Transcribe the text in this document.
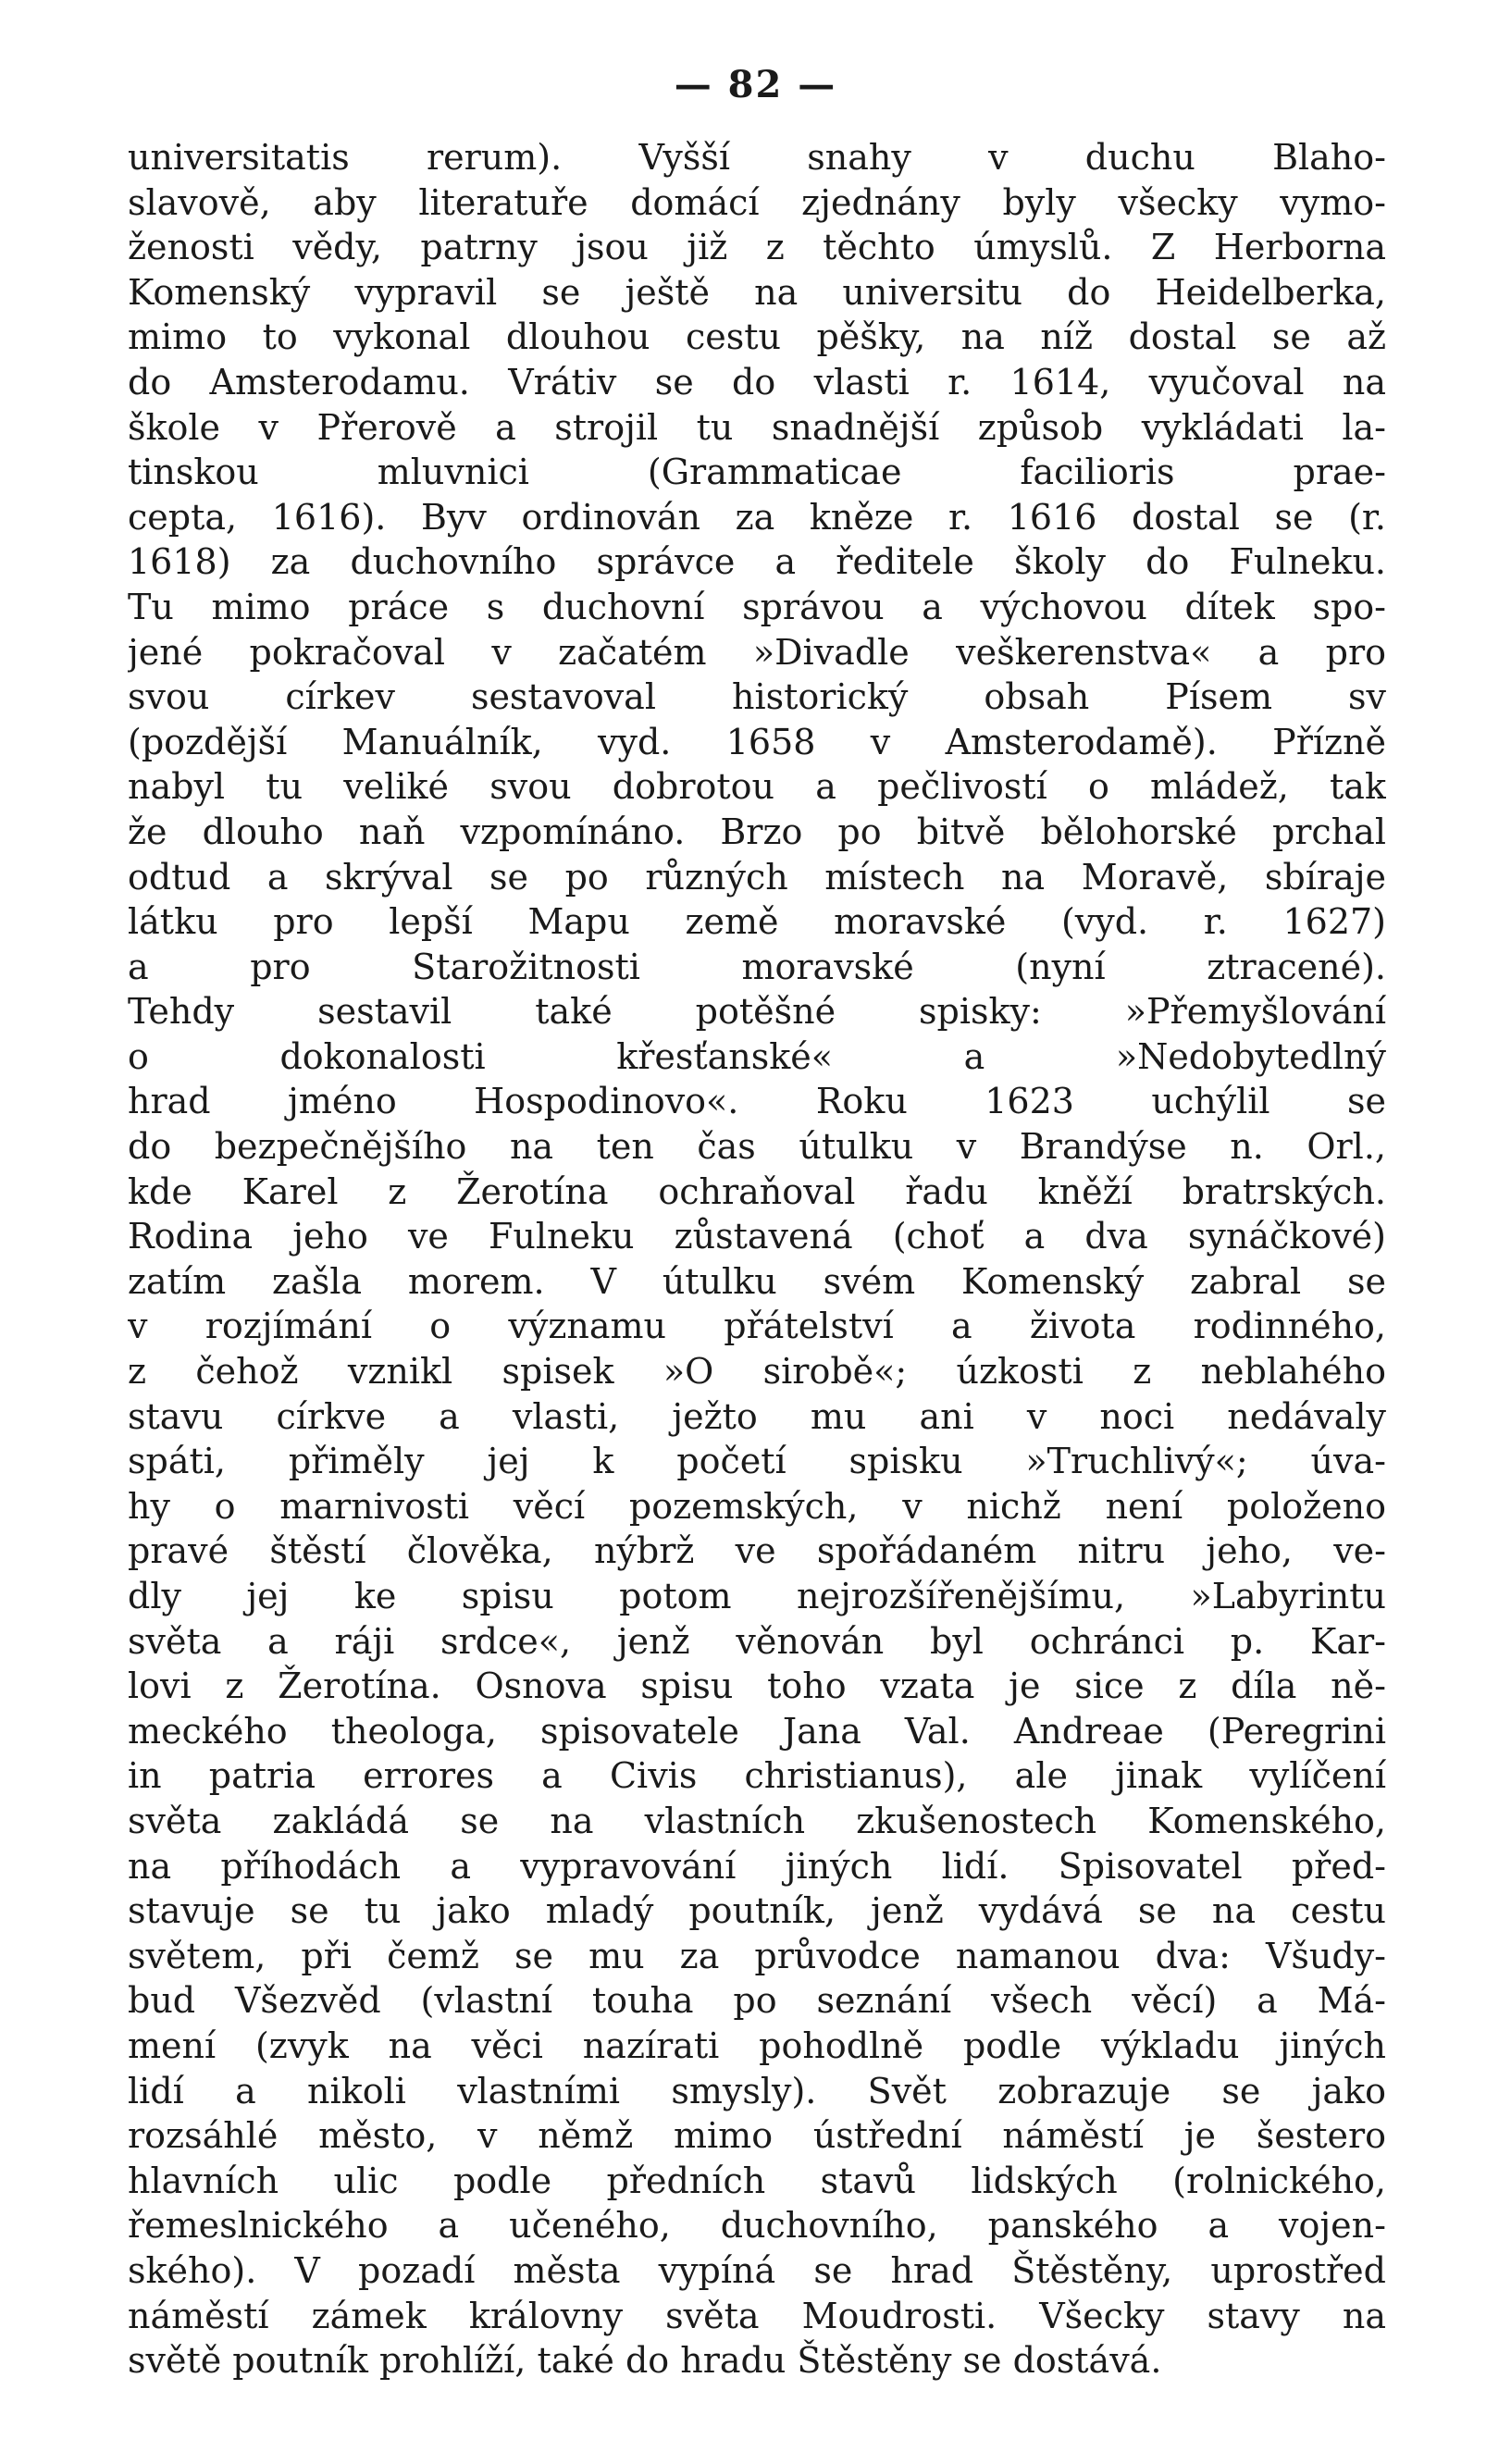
— 82 —
universitatis rerum). Vyšší snahy v duchu Blaho-
slavově, aby literatuře domácí zjednány byly všecky vymo-
ženosti vědy, patrny jsou již z těchto úmyslů. Z Herborna
Komenský vypravil se ještě na universitu do Heidelberka,
mimo to vykonal dlouhou cestu pěšky, na níž dostal se až
do Amsterodamu. Vrátiv se do vlasti r. 1614, vyučoval na
škole v Přerově a strojil tu snadnější způsob vykládati la-
tinskou mluvnici (Grammaticae facilioris prae-
cepta, 1616). Byv ordinován za kněze r. 1616 dostal se (r.
1618) za duchovního správce a ředitele školy do Fulneku.
Tu mimo práce s duchovní správou a výchovou dítek spo-
jené pokračoval v začatém »Divadle veškerenstva« a pro
svou církev sestavoval historický obsah Písem sv
(pozdější Manuálník, vyd. 1658 v Amsterodamě). Přízně
nabyl tu veliké svou dobrotou a pečlivostí o mládež, tak
že dlouho naň vzpomínáno. Brzo po bitvě bělohorské prchal
odtud a skrýval se po různých místech na Moravě, sbíraje
látku pro lepší Mapu země moravské (vyd. r. 1627)
a pro Starožitnosti moravské (nyní ztracené).
Tehdy sestavil také potěšné spisky: »Přemyšlování
o dokonalosti křesťanské« a »Nedobytedlný
hrad jméno Hospodinovo«. Roku 1623 uchýlil se
do bezpečnějšího na ten čas útulku v Brandýse n. Orl.,
kde Karel z Žerotína ochraňoval řadu kněží bratrských.
Rodina jeho ve Fulneku zůstavená (choť a dva synáčkové)
zatím zašla morem. V útulku svém Komenský zabral se
v rozjímání o významu přátelství a života rodinného,
z čehož vznikl spisek »O sirobě«; úzkosti z neblahého
stavu církve a vlasti, ježto mu ani v noci nedávaly
spáti, přiměly jej k početí spisku »Truchlivý«; úva-
hy o marnivosti věcí pozemských, v nichž není položeno
pravé štěstí člověka, nýbrž ve spořádaném nitru jeho, ve-
dly jej ke spisu potom nejrozšířenějšímu, »Labyrintu
světa a ráji srdce«, jenž věnován byl ochránci p. Kar-
lovi z Žerotína. Osnova spisu toho vzata je sice z díla ně-
meckého theologa, spisovatele Jana Val. Andreae (Peregrini
in patria errores a Civis christianus), ale jinak vylíčení
světa zakládá se na vlastních zkušenostech Komenského,
na příhodách a vypravování jiných lidí. Spisovatel před-
stavuje se tu jako mladý poutník, jenž vydává se na cestu
světem, při čemž se mu za průvodce namanou dva: Všudy-
bud Všezvěd (vlastní touha po seznání všech věcí) a Má-
mení (zvyk na věci nazírati pohodlně podle výkladu jiných
lidí a nikoli vlastními smysly). Svět zobrazuje se jako
rozsáhlé město, v němž mimo ústřední náměstí je šestero
hlavních ulic podle předních stavů lidských (rolnického,
řemeslnického a učeného, duchovního, panského a vojen-
ského). V pozadí města vypíná se hrad Štěstěny, uprostřed
náměstí zámek královny světa Moudrosti. Všecky stavy na
světě poutník prohlíží, také do hradu Štěstěny se dostává.
